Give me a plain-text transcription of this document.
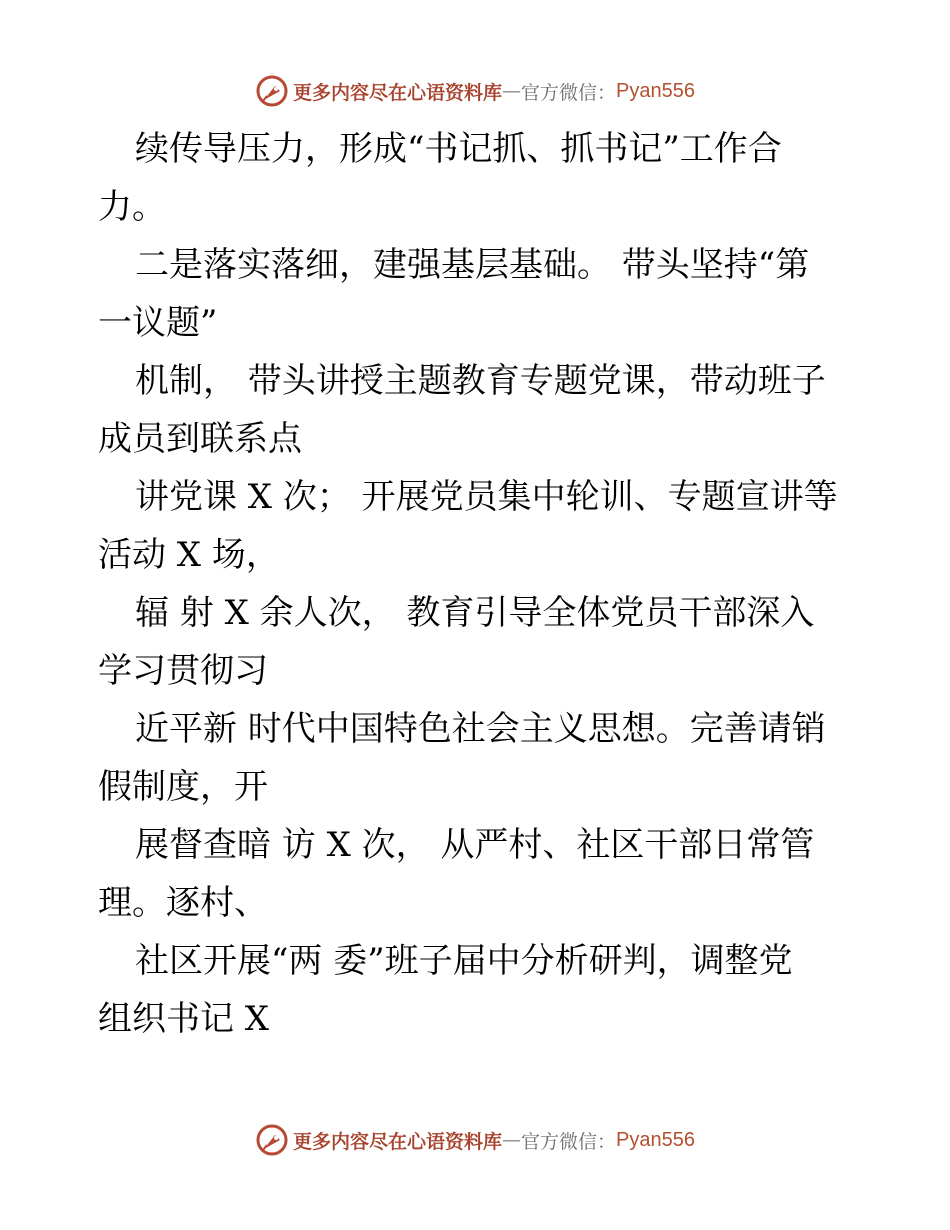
更多内容尽在心语资料库 — 官方微信： Pyan556
续传导压力，形成“书记抓、抓书记”工作合
力。
二是落实落细，建强基层基础。 带头坚持“第
一议题”
机制， 带头讲授主题教育专题党课，带动班子
成员到联系点
讲党课 X 次； 开展党员集中轮训、专题宣讲等
活动 X 场，
辐 射 X 余人次， 教育引导全体党员干部深入
学习贯彻习
近平新 时代中国特色社会主义思想。完善请销
假制度，开
展督查暗 访 X 次， 从严村、社区干部日常管
理。逐村、
社区开展“两 委”班子届中分析研判，调整党
组织书记 X
更多内容尽在心语资料库 — 官方微信： Pyan556
